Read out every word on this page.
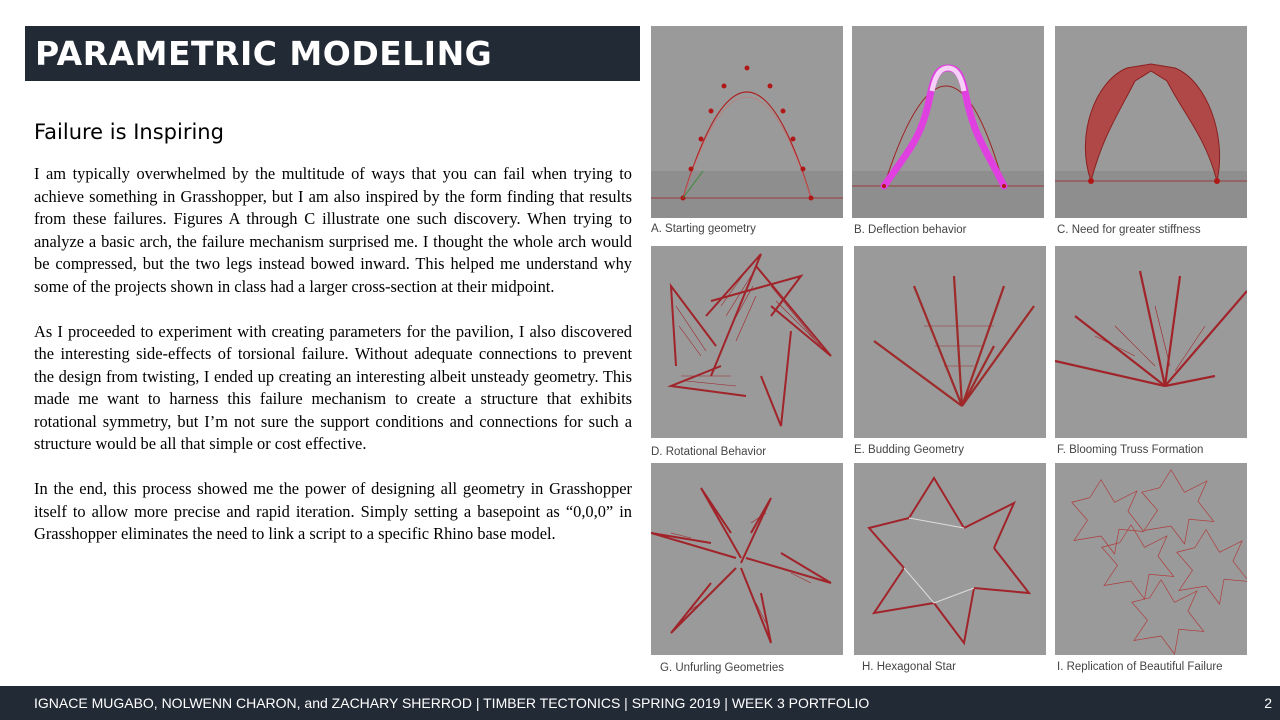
PARAMETRIC MODELING
Failure is Inspiring

I am typically overwhelmed by the multitude of ways that you can fail when trying to achieve something in Grasshopper, but I am also inspired by the form finding that results from these failures. Figures A through C illustrate one such discovery. When trying to analyze a basic arch, the failure mechanism surprised me. I thought the whole arch would be compressed, but the two legs instead bowed inward. This helped me understand why some of the projects shown in class had a larger cross-section at their midpoint.

As I proceeded to experiment with creating parameters for the pavilion, I also discovered the interesting side-effects of torsional failure. Without adequate connections to prevent the design from twisting, I ended up creating an interesting albeit unsteady geometry. This made me want to harness this failure mechanism to create a structure that exhibits rotational symmetry, but I’m not sure the support conditions and connections for such a structure would be all that simple or cost effective.

In the end, this process showed me the power of designing all geometry in Grasshopper itself to allow more precise and rapid iteration. Simply setting a basepoint as “0,0,0” in Grasshopper eliminates the need to link a script to a specific Rhino base model.

A. Starting geometry	B. Deflection behavior	C. Need for greater stiffness
D. Rotational Behavior	E. Budding Geometry	F. Blooming Truss Formation
G. Unfurling Geometries	H. Hexagonal Star	I. Replication of Beautiful Failure
IGNACE MUGABO, NOLWENN CHARON, and ZACHARY SHERROD | TIMBER TECTONICS | SPRING 2019 | WEEK 3 PORTFOLIO	2
